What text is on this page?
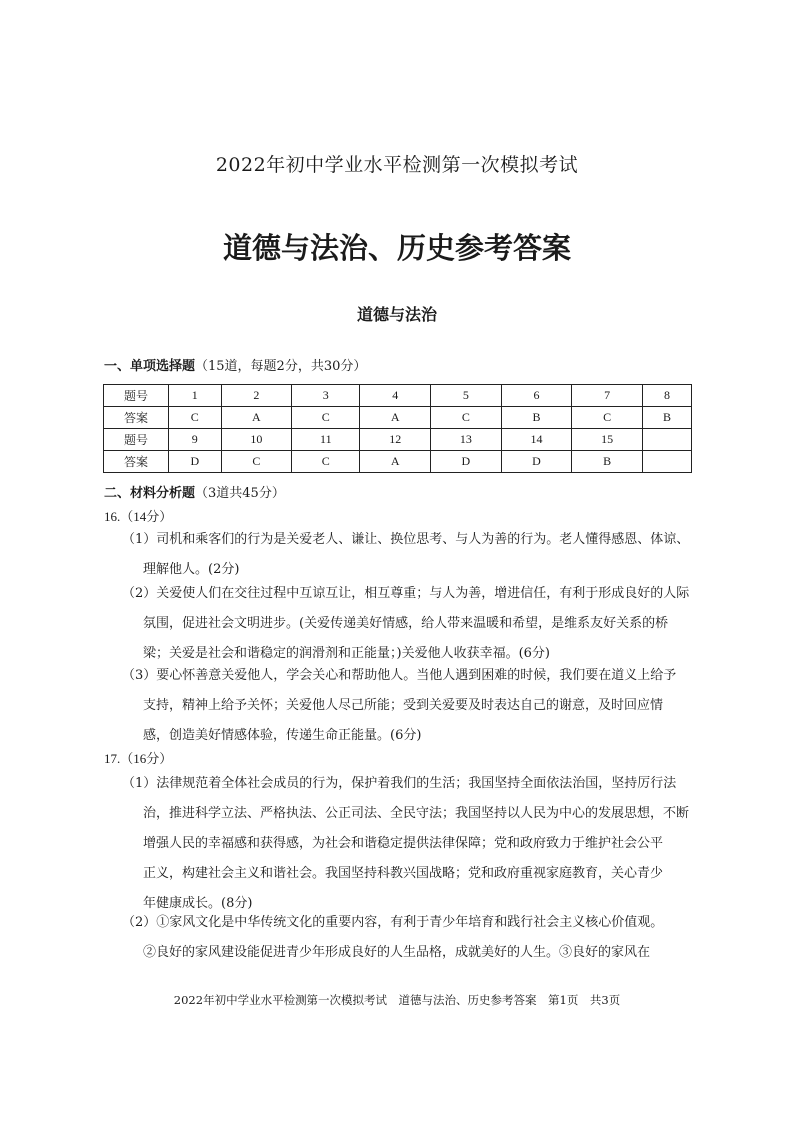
2022年初中学业水平检测第一次模拟考试
道德与法治、历史参考答案
道德与法治
一、单项选择题（15道，每题2分，共30分）
题号	1	2	3	4	5	6	7	8
答案	C	A	C	A	C	B	C	B
题号	9	10	11	12	13	14	15	
答案	D	C	C	A	D	D	B	
二、材料分析题（3道共45分）
16.（14分）
（1）司机和乘客们的行为是关爱老人、谦让、换位思考、与人为善的行为。老人懂得感恩、体谅、
理解他人。(2分)
（2）关爱使人们在交往过程中互谅互让，相互尊重；与人为善，增进信任，有利于形成良好的人际
氛围，促进社会文明进步。(关爱传递美好情感，给人带来温暖和希望，是维系友好关系的桥
梁；关爱是社会和谐稳定的润滑剂和正能量；)关爱他人收获幸福。(6分)
（3）要心怀善意关爱他人，学会关心和帮助他人。当他人遇到困难的时候，我们要在道义上给予
支持，精神上给予关怀；关爱他人尽己所能；受到关爱要及时表达自己的谢意，及时回应情
感，创造美好情感体验，传递生命正能量。(6分)
17.（16分）
（1）法律规范着全体社会成员的行为，保护着我们的生活；我国坚持全面依法治国，坚持厉行法
治，推进科学立法、严格执法、公正司法、全民守法；我国坚持以人民为中心的发展思想，不断
增强人民的幸福感和获得感，为社会和谐稳定提供法律保障；党和政府致力于维护社会公平
正义，构建社会主义和谐社会。我国坚持科教兴国战略；党和政府重视家庭教育，关心青少
年健康成长。(8分)
（2）①家风文化是中华传统文化的重要内容，有利于青少年培育和践行社会主义核心价值观。
②良好的家风建设能促进青少年形成良好的人生品格，成就美好的人生。③良好的家风在
2022年初中学业水平检测第一次模拟考试　道德与法治、历史参考答案　第1页　共3页
